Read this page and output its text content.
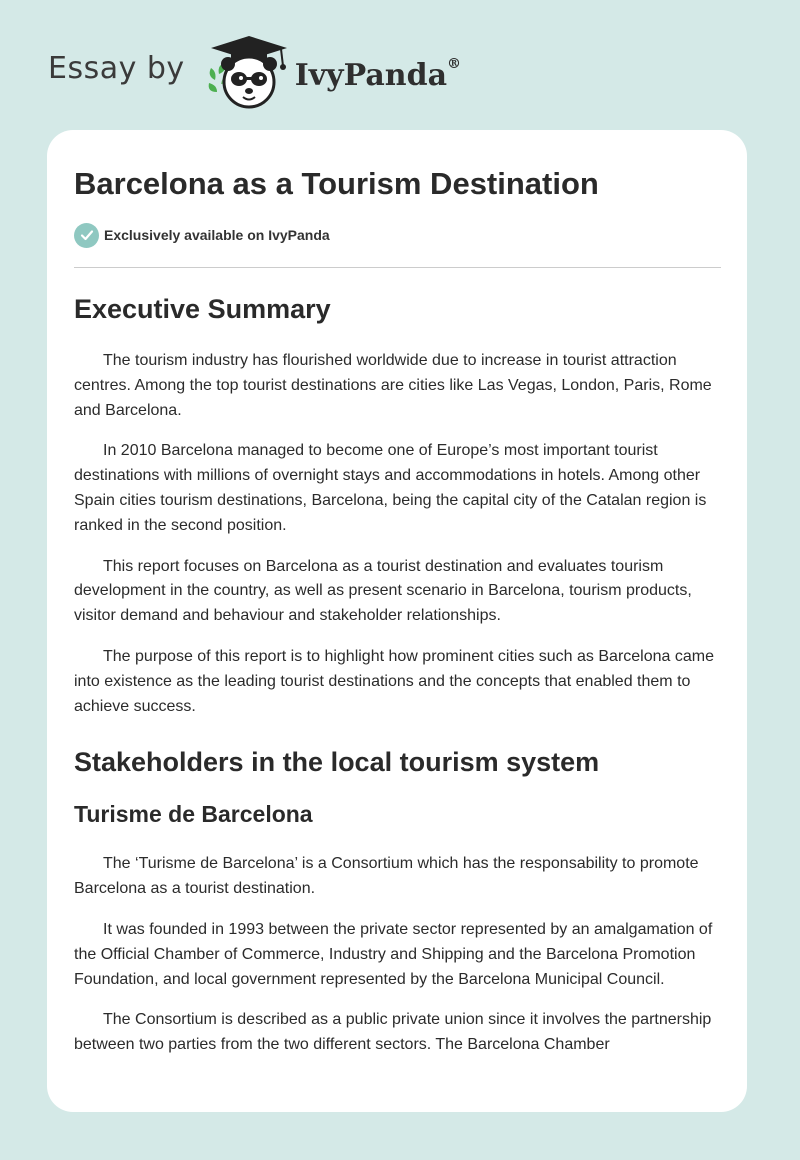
Essay by	IvyPanda®
Barcelona as a Tourism Destination
Exclusively available on IvyPanda
Executive Summary

The tourism industry has flourished worldwide due to increase in tourist attraction centres. Among the top tourist destinations are cities like Las Vegas, London, Paris, Rome and Barcelona.

In 2010 Barcelona managed to become one of Europe’s most important tourist destinations with millions of overnight stays and accommodations in hotels. Among other Spain cities tourism destinations, Barcelona, being the capital city of the Catalan region is ranked in the second position.

This report focuses on Barcelona as a tourist destination and evaluates tourism development in the country, as well as present scenario in Barcelona, tourism products, visitor demand and behaviour and stakeholder relationships.

The purpose of this report is to highlight how prominent cities such as Barcelona came into existence as the leading tourist destinations and the concepts that enabled them to achieve success.

Stakeholders in the local tourism system
Turisme de Barcelona

The ‘Turisme de Barcelona’ is a Consortium which has the responsability to promote Barcelona as a tourist destination.

It was founded in 1993 between the private sector represented by an amalgamation of the Official Chamber of Commerce, Industry and Shipping and the Barcelona Promotion Foundation, and local government represented by the Barcelona Municipal Council.

The Consortium is described as a public private union since it involves the partnership between two parties from the two different sectors. The Barcelona Chamber
